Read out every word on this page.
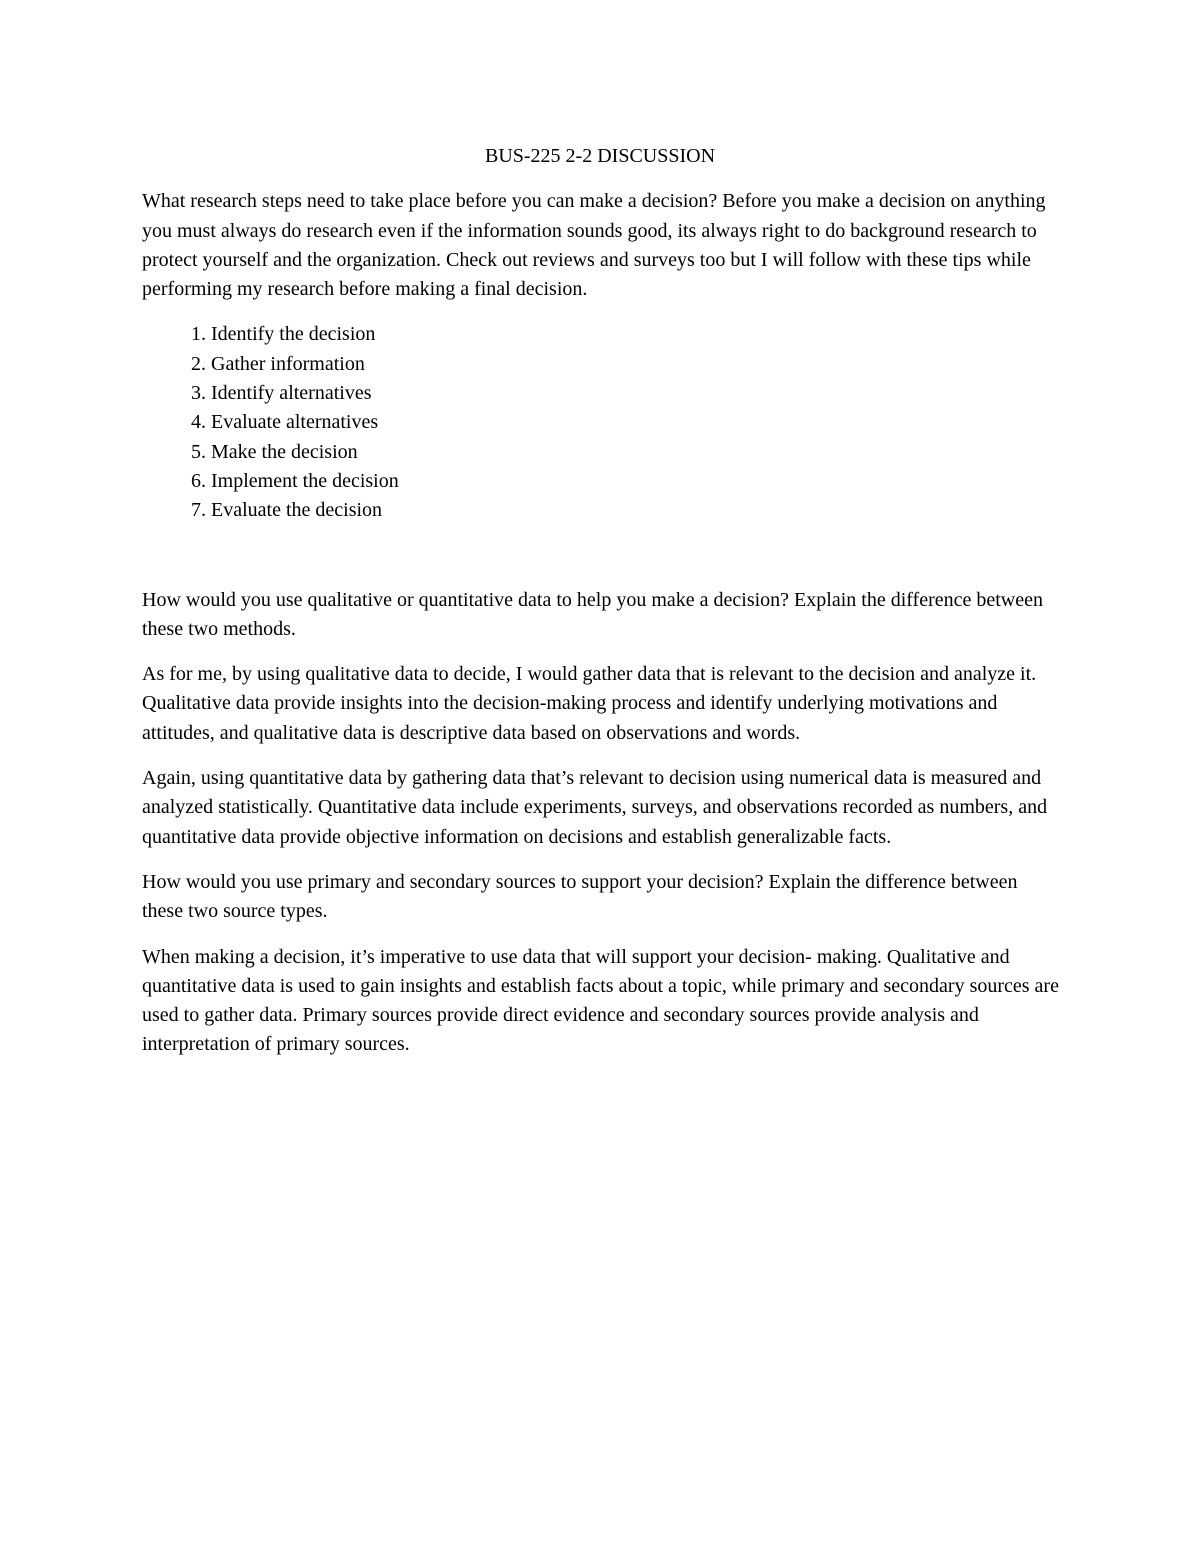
BUS-225 2-2 DISCUSSION

What research steps need to take place before you can make a decision? Before you make a decision on anything you must always do research even if the information sounds good, its always right to do background research to protect yourself and the organization. Check out reviews and surveys too but I will follow with these tips while performing my research before making a final decision.

1. Identify the decision
2. Gather information
3. Identify alternatives
4. Evaluate alternatives
5. Make the decision
6. Implement the decision
7. Evaluate the decision

How would you use qualitative or quantitative data to help you make a decision? Explain the difference between these two methods.

As for me, by using qualitative data to decide, I would gather data that is relevant to the decision and analyze it. Qualitative data provide insights into the decision-making process and identify underlying motivations and attitudes, and qualitative data is descriptive data based on observations and words.

Again, using quantitative data by gathering data that’s relevant to decision using numerical data is measured and analyzed statistically. Quantitative data include experiments, surveys, and observations recorded as numbers, and quantitative data provide objective information on decisions and establish generalizable facts.

How would you use primary and secondary sources to support your decision? Explain the difference between these two source types.

When making a decision, it’s imperative to use data that will support your decision- making. Qualitative and quantitative data is used to gain insights and establish facts about a topic, while primary and secondary sources are used to gather data. Primary sources provide direct evidence and secondary sources provide analysis and interpretation of primary sources.
